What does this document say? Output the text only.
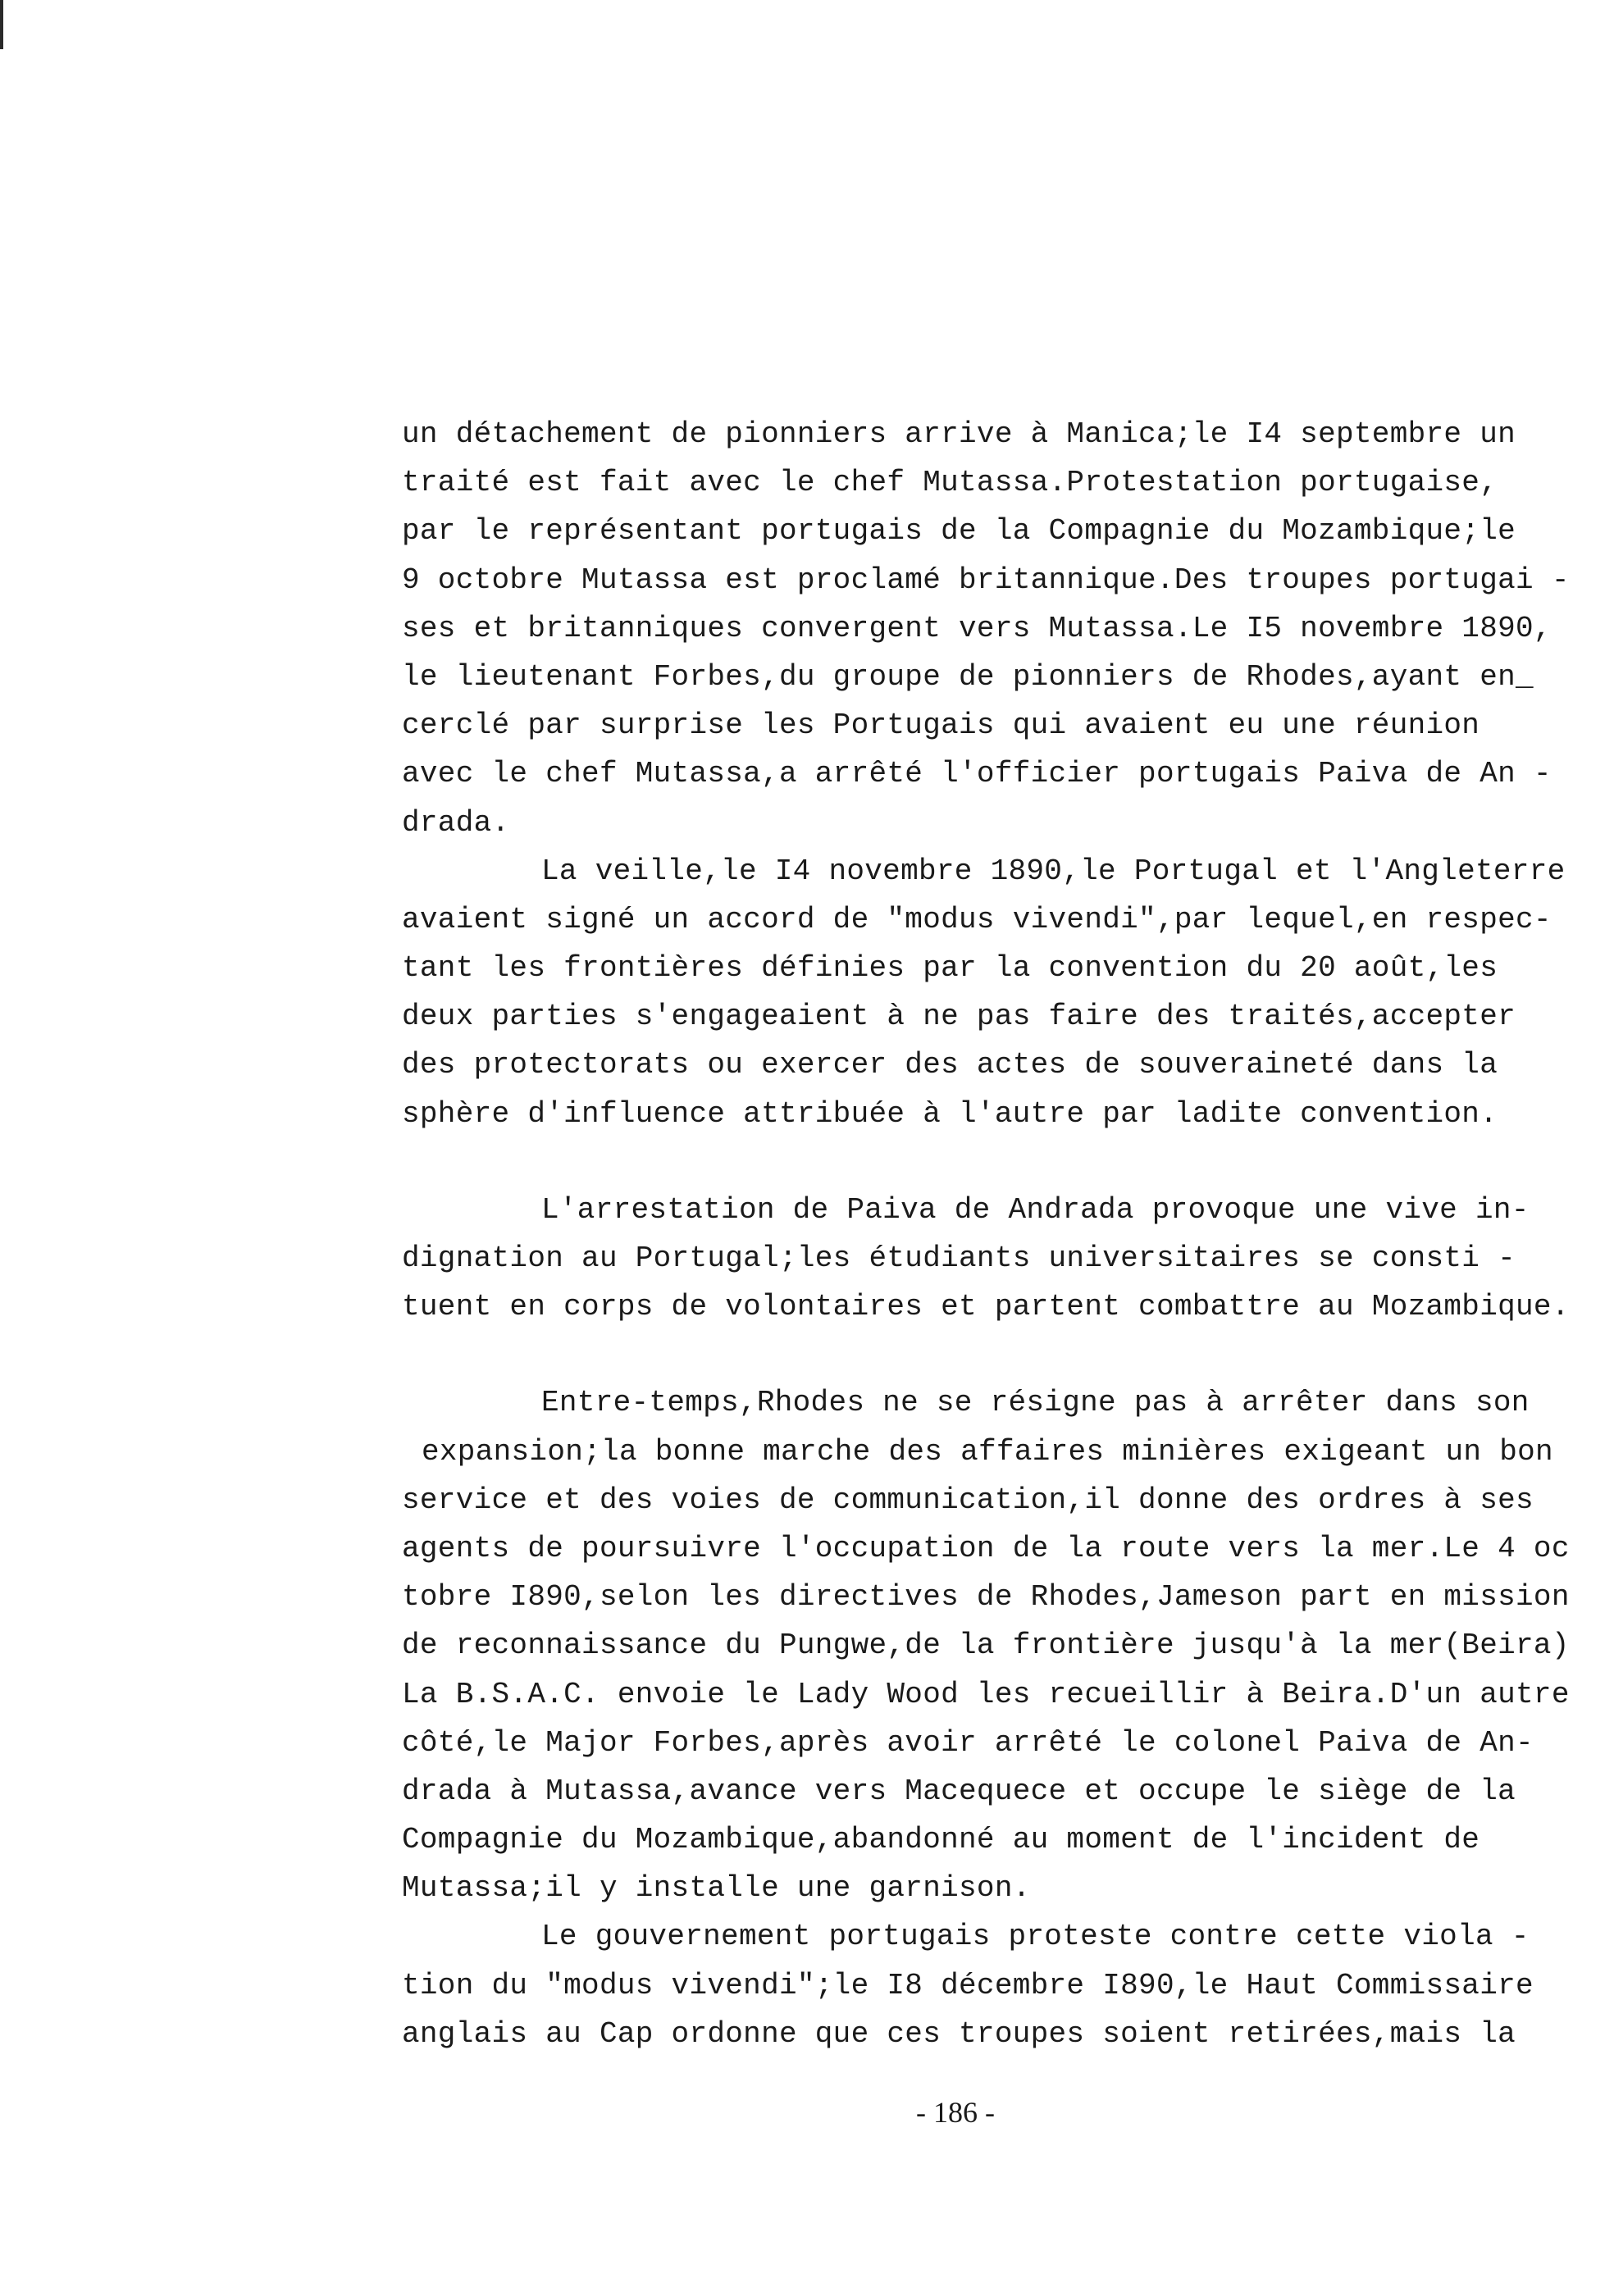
un détachement de pionniers arrive à Manica;le I4 septembre un
traité est fait avec le chef Mutassa.Protestation portugaise,
par le représentant portugais de la Compagnie du Mozambique;le
9 octobre Mutassa est proclamé britannique.Des troupes portugai -
ses et britanniques convergent vers Mutassa.Le I5 novembre 1890,
le lieutenant Forbes,du groupe de pionniers de Rhodes,ayant en_
cerclé par surprise les Portugais qui avaient eu une réunion
avec le chef Mutassa,a arrêté l'officier portugais Paiva de An -
drada.
La veille,le I4 novembre 1890,le Portugal et l'Angleterre
avaient signé un accord de "modus vivendi",par lequel,en respec-
tant les frontières définies par la convention du 20 août,les
deux parties s'engageaient à ne pas faire des traités,accepter
des protectorats ou exercer des actes de souveraineté dans la
sphère d'influence attribuée à l'autre par ladite convention.
L'arrestation de Paiva de Andrada provoque une vive in-
dignation au Portugal;les étudiants universitaires se consti -
tuent en corps de volontaires et partent combattre au Mozambique.
Entre-temps,Rhodes ne se résigne pas à arrêter dans son
expansion;la bonne marche des affaires minières exigeant un bon
service et des voies de communication,il donne des ordres à ses
agents de poursuivre l'occupation de la route vers la mer.Le 4 oc
tobre I890,selon les directives de Rhodes,Jameson part en mission
de reconnaissance du Pungwe,de la frontière jusqu'à la mer(Beira)
La B.S.A.C. envoie le Lady Wood les recueillir à Beira.D'un autre
côté,le Major Forbes,après avoir arrêté le colonel Paiva de An-
drada à Mutassa,avance vers Macequece et occupe le siège de la
Compagnie du Mozambique,abandonné au moment de l'incident de
Mutassa;il y installe une garnison.
Le gouvernement portugais proteste contre cette viola -
tion du "modus vivendi";le I8 décembre I890,le Haut Commissaire
anglais au Cap ordonne que ces troupes soient retirées,mais la
- 186 -
